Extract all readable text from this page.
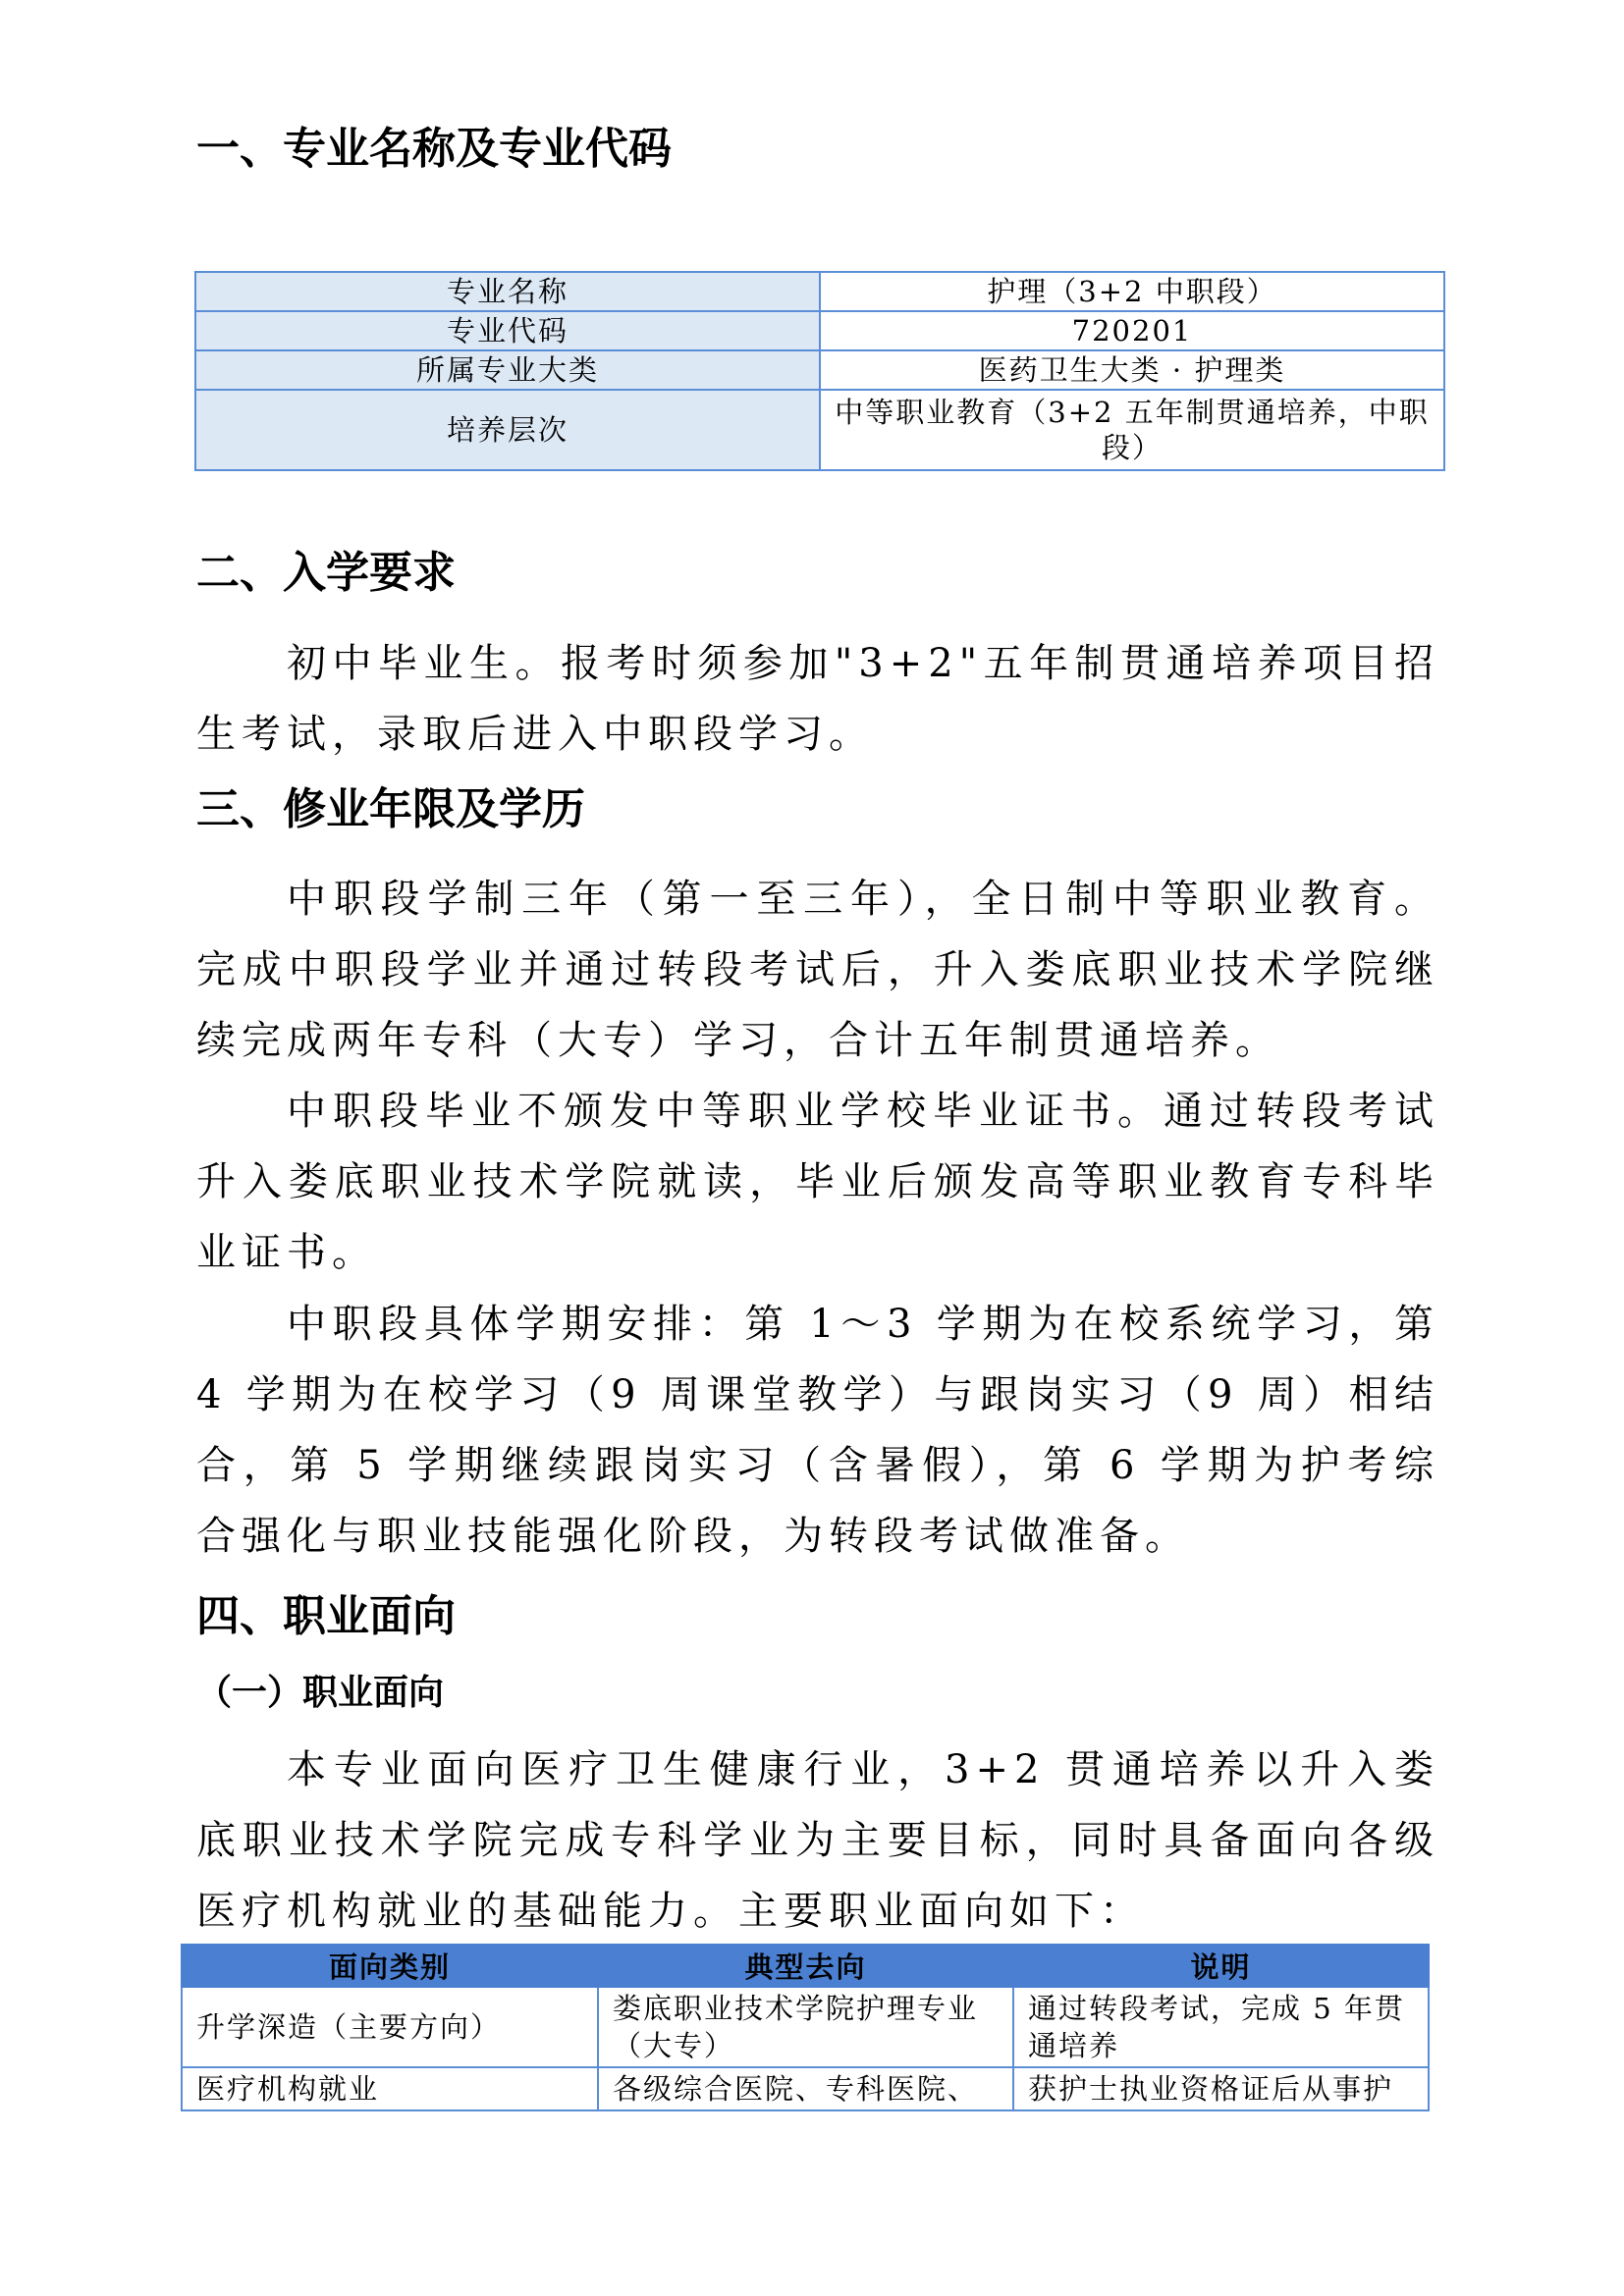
一、专业名称及专业代码
专业名称	护理（3+2 中职段）
专业代码	720201
所属专业大类	医药卫生大类 · 护理类
培养层次	中等职业教育（3+2 五年制贯通培养，中职段）
二、入学要求

初中毕业生。报考时须参加"3+2"五年制贯通培养项目招生考试，录取后进入中职段学习。

三、修业年限及学历

中职段学制三年（第一至三年），全日制中等职业教育。完成中职段学业并通过转段考试后，升入娄底职业技术学院继续完成两年专科（大专）学习，合计五年制贯通培养。

中职段毕业不颁发中等职业学校毕业证书。通过转段考试升入娄底职业技术学院就读，毕业后颁发高等职业教育专科毕业证书。

中职段具体学期安排：第 1～3 学期为在校系统学习，第 4 学期为在校学习（9 周课堂教学）与跟岗实习（9 周）相结合，第 5 学期继续跟岗实习（含暑假），第 6 学期为护考综合强化与职业技能强化阶段，为转段考试做准备。

四、职业面向
（一）职业面向

本专业面向医疗卫生健康行业，3+2 贯通培养以升入娄底职业技术学院完成专科学业为主要目标，同时具备面向各级医疗机构就业的基础能力。主要职业面向如下：

面向类别	典型去向	说明
升学深造（主要方向）	娄底职业技术学院护理专业（大专）	通过转段考试，完成 5 年贯通培养
医疗机构就业	各级综合医院、专科医院、	获护士执业资格证后从事护
